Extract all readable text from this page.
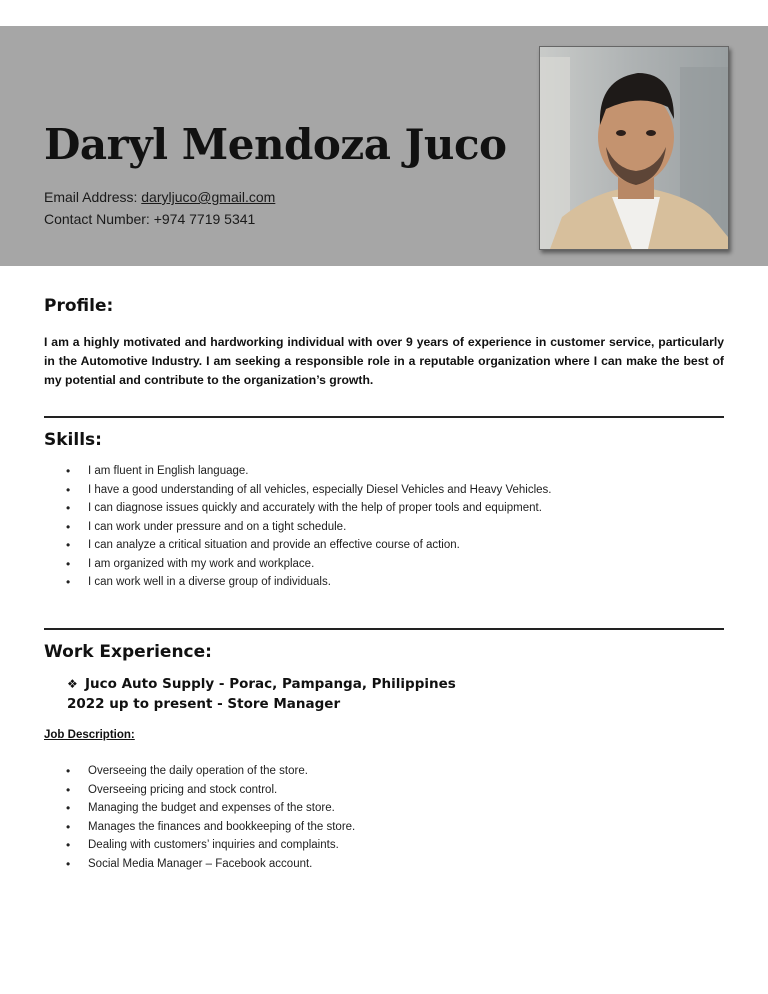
Daryl Mendoza Juco
Email Address: daryljuco@gmail.com
Contact Number: +974 7719 5341
Profile:

I am a highly motivated and hardworking individual with over 9 years of experience in customer service, particularly in the Automotive Industry. I am seeking a responsible role in a reputable organization where I can make the best of my potential and contribute to the organization’s growth.

Skills:
• I am fluent in English language.
• I have a good understanding of all vehicles, especially Diesel Vehicles and Heavy Vehicles.
• I can diagnose issues quickly and accurately with the help of proper tools and equipment.
• I can work under pressure and on a tight schedule.
• I can analyze a critical situation and provide an effective course of action.
• I am organized with my work and workplace.
• I can work well in a diverse group of individuals.
Work Experience:
❖ Juco Auto Supply - Porac, Pampanga, Philippines
2022 up to present - Store Manager
Job Description:
• Overseeing the daily operation of the store.
• Overseeing pricing and stock control.
• Managing the budget and expenses of the store.
• Manages the finances and bookkeeping of the store.
• Dealing with customers’ inquiries and complaints.
• Social Media Manager – Facebook account.
